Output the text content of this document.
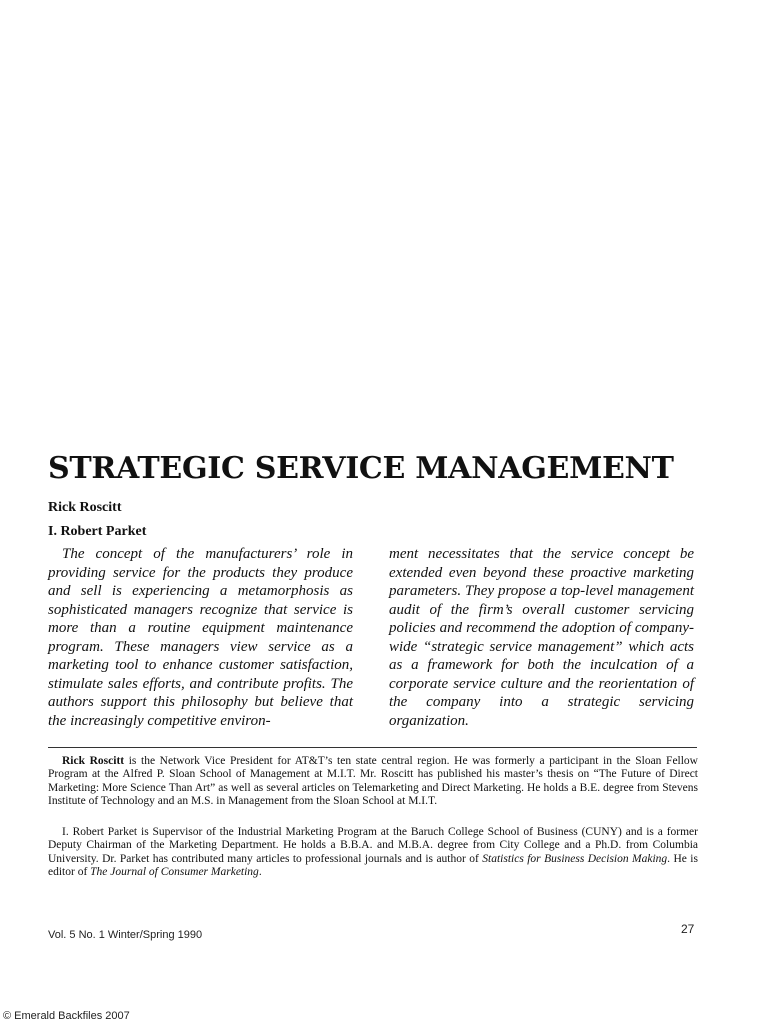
STRATEGIC SERVICE MANAGEMENT
Rick Roscitt
I. Robert Parket

The concept of the manufacturers’ role in providing service for the products they produce and sell is experiencing a metamorphosis as sophisticated managers recognize that service is more than a routine equipment maintenance program. These managers view service as a marketing tool to enhance customer satisfaction, stimulate sales efforts, and contribute profits. The authors support this philosophy but believe that the increasingly competitive environ-

ment necessitates that the service concept be extended even beyond these proactive marketing parameters. They propose a top-level management audit of the firm’s overall customer servicing policies and recommend the adoption of company-wide “strategic service management” which acts as a framework for both the inculcation of a corporate service culture and the reorientation of the company into a strategic servicing organization.

Rick Roscitt is the Network Vice President for AT&T’s ten state central region. He was formerly a participant in the Sloan Fellow Program at the Alfred P. Sloan School of Management at M.I.T. Mr. Roscitt has published his master’s thesis on “The Future of Direct Marketing: More Science Than Art” as well as several articles on Telemarketing and Direct Marketing. He holds a B.E. degree from Stevens Institute of Technology and an M.S. in Management from the Sloan School at M.I.T.

I. Robert Parket is Supervisor of the Industrial Marketing Program at the Baruch College School of Business (CUNY) and is a former Deputy Chairman of the Marketing Department. He holds a B.B.A. and M.B.A. degree from City College and a Ph.D. from Columbia University. Dr. Parket has contributed many articles to professional journals and is author of Statistics for Business Decision Making. He is editor of The Journal of Consumer Marketing.

Vol. 5 No. 1 Winter/Spring 1990	27
© Emerald Backfiles 2007
